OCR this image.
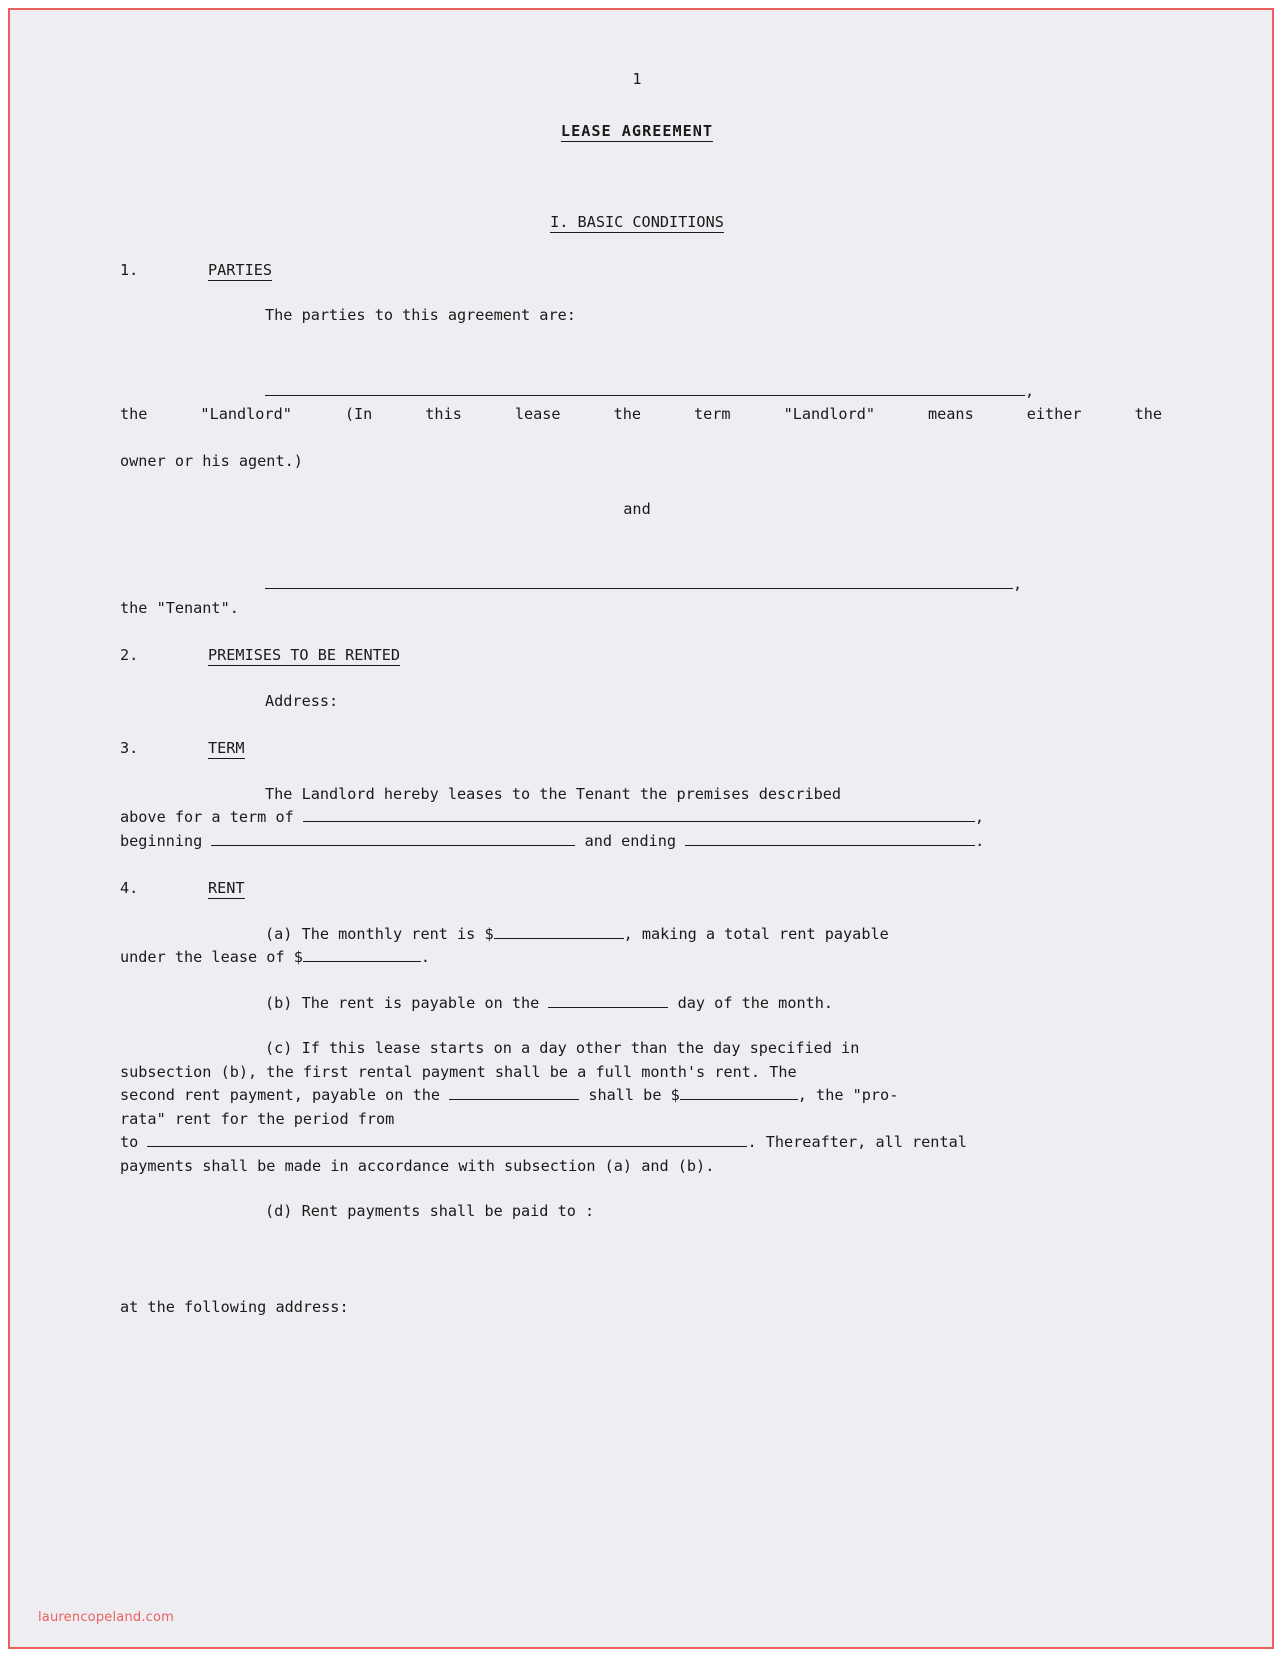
1
LEASE AGREEMENT
I. BASIC CONDITIONS
1.	PARTIES
The parties to this agreement are:
,
the "Landlord" (In this lease the term "Landlord" means either the
owner or his agent.)
and
,
the "Tenant".
2.	PREMISES TO BE RENTED
Address:
3.	TERM
The Landlord hereby leases to the Tenant the premises described
above for a term of	,
beginning	and ending	.
4.	RENT
(a) The monthly rent is $	, making a total rent payable
under the lease of $	.
(b) The rent is payable on the	day of the month.
(c) If this lease starts on a day other than the day specified in
subsection (b), the first rental payment shall be a full month's rent. The
second rent payment, payable on the	shall be $	, the "pro-
rata" rent for the period from
to	. Thereafter, all rental
payments shall be made in accordance with subsection (a) and (b).
(d) Rent payments shall be paid to :
at the following address:
laurencopeland.com
